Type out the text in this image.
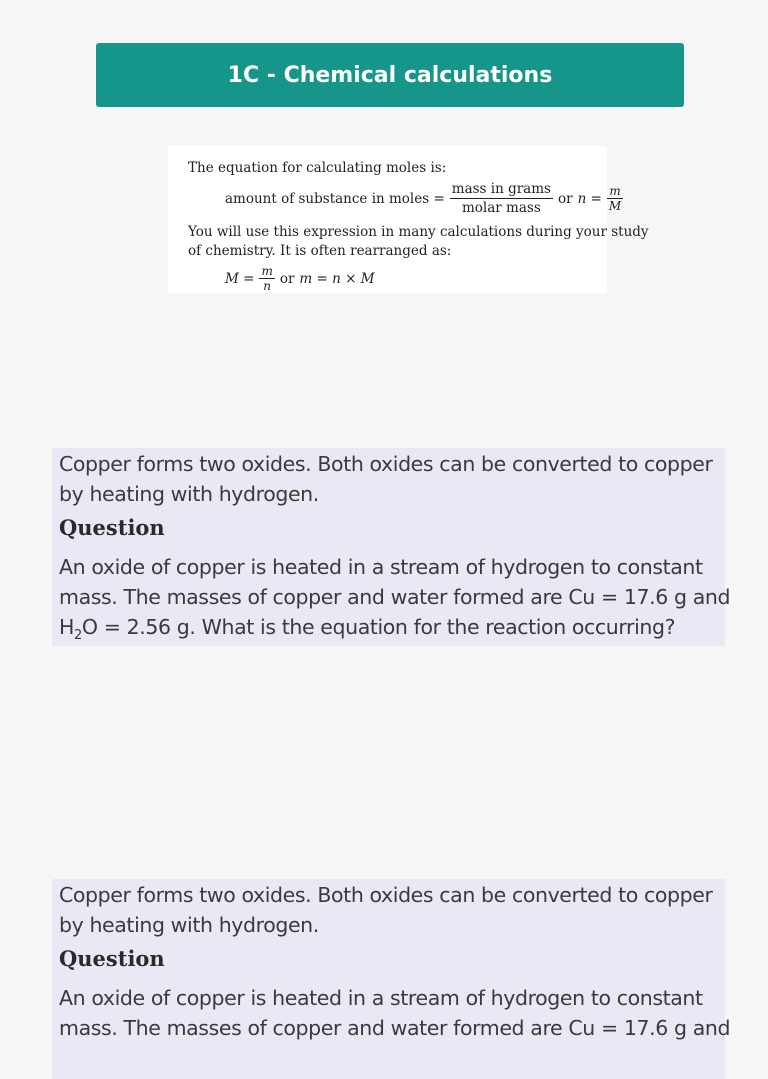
1C - Chemical calculations
The equation for calculating moles is:
amount of substance in moles = $\frac{\text{mass in grams}}{\text{molar mass}}$ or $n = \frac{m}{M}$
You will use this expression in many calculations during your study
of chemistry. It is often rearranged as:
$M = \frac{m}{n}$ or m = n × M
Copper forms two oxides. Both oxides can be converted to copper
by heating with hydrogen.
Question
An oxide of copper is heated in a stream of hydrogen to constant
mass. The masses of copper and water formed are Cu = 17.6 g and
$H_2O = 2.56$ g. What is the equation for the reaction occurring?
Copper forms two oxides. Both oxides can be converted to copper
by heating with hydrogen.
Question
An oxide of copper is heated in a stream of hydrogen to constant
mass. The masses of copper and water formed are Cu = 17.6 g and
